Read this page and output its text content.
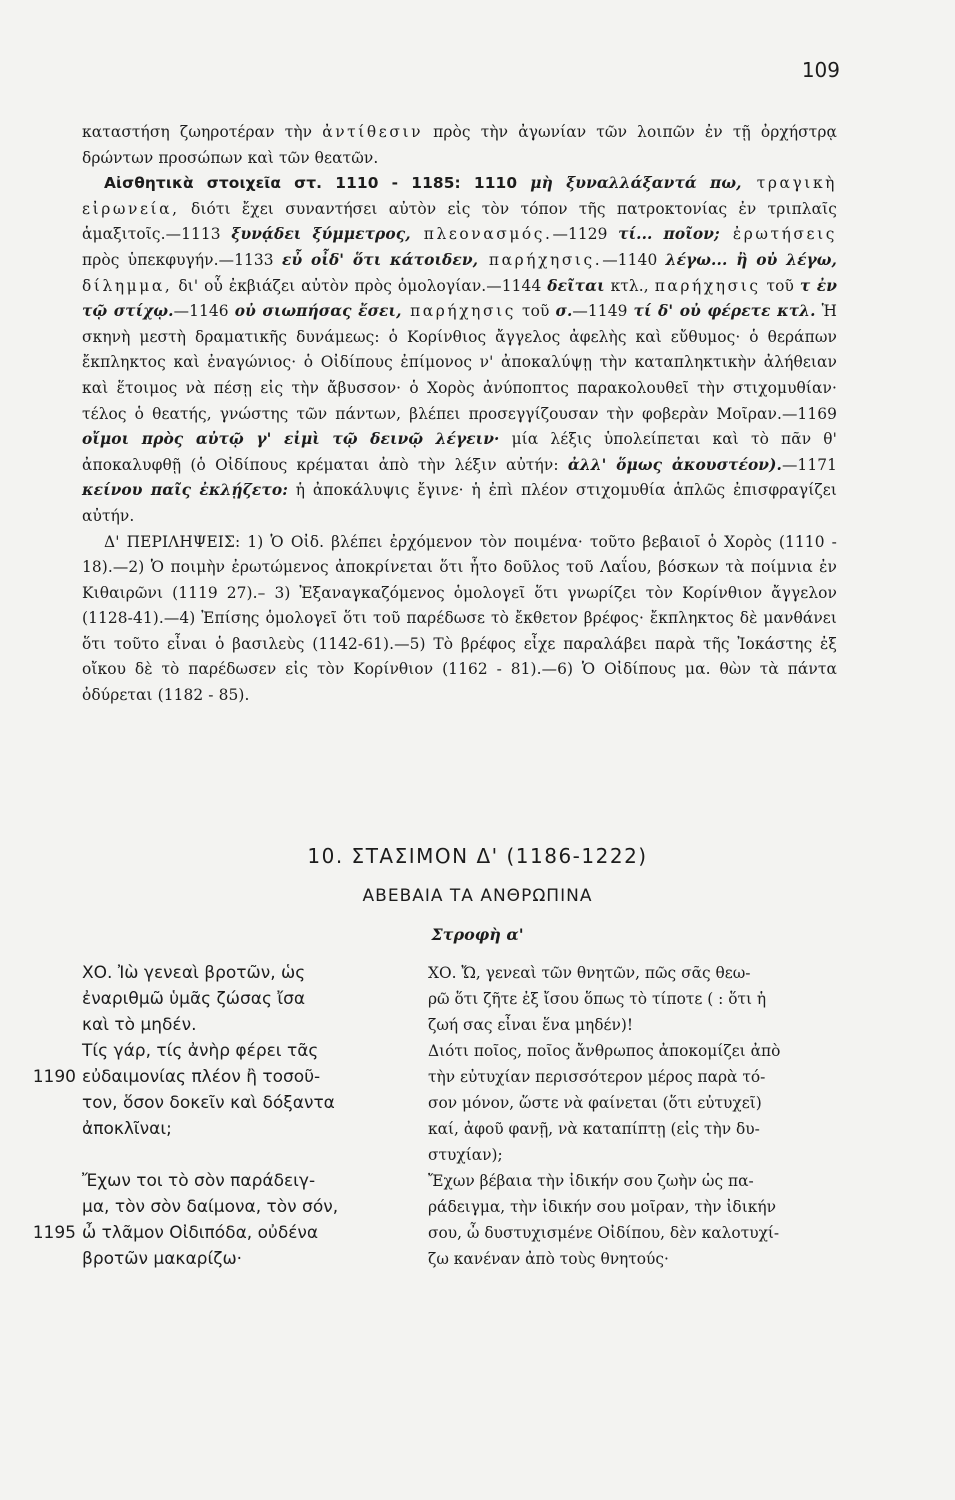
109

καταστήση ζωηροτέραν τὴν ἀντίθεσιν πρὸς τὴν ἀγωνίαν τῶν λοιπῶν ἐν τῇ ὀρχήστρᾳ δρώντων προσώπων καὶ τῶν θεατῶν.

Αἰσθητικὰ στοιχεῖα στ. 1110 - 1185: 1110 μὴ ξυναλλάξαντά πω, τραγικὴ εἰρωνεία, διότι ἔχει συναντήσει αὐτὸν εἰς τὸν τόπον τῆς πατροκτονίας ἐν τριπλαῖς ἁμαξιτοῖς.—1113 ξυνᾴδει ξύμμετρος, πλεονασμός.—1129 τί... ποῖον; ἐρωτήσεις πρὸς ὑπεκφυγήν.—1133 εὖ οἶδ' ὅτι κάτοιδεν, παρήχησις.—1140 λέγω... ἢ οὐ λέγω, δίλημμα, δι' οὗ ἐκβιάζει αὐτὸν πρὸς ὁμολογίαν.—1144 δεῖται κτλ., παρήχησις τοῦ τ ἐν τῷ στίχῳ.—1146 οὐ σιωπήσας ἔσει, παρήχησις τοῦ σ.—1149 τί δ' οὐ φέρετε κτλ. Ἡ σκηνὴ μεστὴ δραματικῆς δυνάμεως: ὁ Κορίνθιος ἄγγελος ἀφελὴς καὶ εὔθυμος· ὁ θεράπων ἔκπληκτος καὶ ἐναγώνιος· ὁ Οἰδίπους ἐπίμονος ν' ἀποκαλύψῃ τὴν καταπληκτικὴν ἀλήθειαν καὶ ἕτοιμος νὰ πέσῃ εἰς τὴν ἄβυσσον· ὁ Χορὸς ἀνύποπτος παρακολουθεῖ τὴν στιχομυθίαν· τέλος ὁ θεατής, γνώστης τῶν πάντων, βλέπει προσεγγίζουσαν τὴν φοβερὰν Μοῖραν.—1169 οἴμοι πρὸς αὐτῷ γ' εἰμὶ τῷ δεινῷ λέγειν· μία λέξις ὑπολείπεται καὶ τὸ πᾶν θ' ἀποκαλυφθῇ (ὁ Οἰδίπους κρέμαται ἀπὸ τὴν λέξιν αὐτήν: ἀλλ' ὅμως ἀκουστέον).—1171 κείνου παῖς ἐκλῄζετο: ἡ ἀποκάλυψις ἔγινε· ἡ ἐπὶ πλέον στιχομυθία ἁπλῶς ἐπισφραγίζει αὐτήν.

Δ' ΠΕΡΙΛΗΨΕΙΣ: 1) Ὁ Οἰδ. βλέπει ἐρχόμενον τὸν ποιμένα· τοῦτο βεβαιοῖ ὁ Χορὸς (1110 - 18).—2) Ὁ ποιμὴν ἐρωτώμενος ἀποκρίνεται ὅτι ἦτο δοῦλος τοῦ Λαΐου, βόσκων τὰ ποίμνια ἐν Κιθαιρῶνι (1119 27).– 3) Ἐξαναγκαζόμενος ὁμολογεῖ ὅτι γνωρίζει τὸν Κορίνθιον ἄγγελον (1128-41).—4) Ἐπίσης ὁμολογεῖ ὅτι τοῦ παρέδωσε τὸ ἔκθετον βρέφος· ἔκπληκτος δὲ μανθάνει ὅτι τοῦτο εἶναι ὁ βασιλεὺς (1142-61).—5) Τὸ βρέφος εἶχε παραλάβει παρὰ τῆς Ἰοκάστης ἐξ οἴκου δὲ τὸ παρέδωσεν εἰς τὸν Κορίνθιον (1162 - 81).—6) Ὁ Οἰδίπους μα. θὼν τὰ πάντα ὀδύρεται (1182 - 85).

10. ΣΤΑΣΙΜΟΝ Δ' (1186-1222)
ΑΒΕΒΑΙΑ ΤΑ ΑΝΘΡΩΠΙΝΑ
Στροφὴ α'
ΧΟ. Ἰὼ γενεαὶ βροτῶν, ὡς
ἐναριθμῶ ὑμᾶς ζώσας ἴσα
καὶ τὸ μηδέν.
Τίς γάρ, τίς ἀνὴρ φέρει τᾶς
1190 εὐδαιμονίας πλέον ἢ τοσοῦ-
τον, ὅσον δοκεῖν καὶ δόξαντα
ἀποκλῖναι;
Ἔχων τοι τὸ σὸν παράδειγ-
μα, τὸν σὸν δαίμονα, τὸν σόν,
1195 ὦ τλᾶμον Οἰδιπόδα, οὐδένα
βροτῶν μακαρίζω·
ΧΟ. Ὤ, γενεαὶ τῶν θνητῶν, πῶς σᾶς θεω-
ρῶ ὅτι ζῆτε ἐξ ἴσου ὅπως τὸ τίποτε ( : ὅτι ἡ
ζωή σας εἶναι ἕνα μηδέν)!
Διότι ποῖος, ποῖος ἄνθρωπος ἀποκομίζει ἀπὸ
τὴν εὐτυχίαν περισσότερον μέρος παρὰ τό-
σον μόνον, ὥστε νὰ φαίνεται (ὅτι εὐτυχεῖ)
καί, ἀφοῦ φανῇ, νὰ καταπίπτῃ (εἰς τὴν δυ-
στυχίαν);
Ἔχων βέβαια τὴν ἰδικήν σου ζωὴν ὡς πα-
ράδειγμα, τὴν ἰδικήν σου μοῖραν, τὴν ἰδικήν
σου, ὦ δυστυχισμένε Οἰδίπου, δὲν καλοτυχί-
ζω κανέναν ἀπὸ τοὺς θνητούς·
